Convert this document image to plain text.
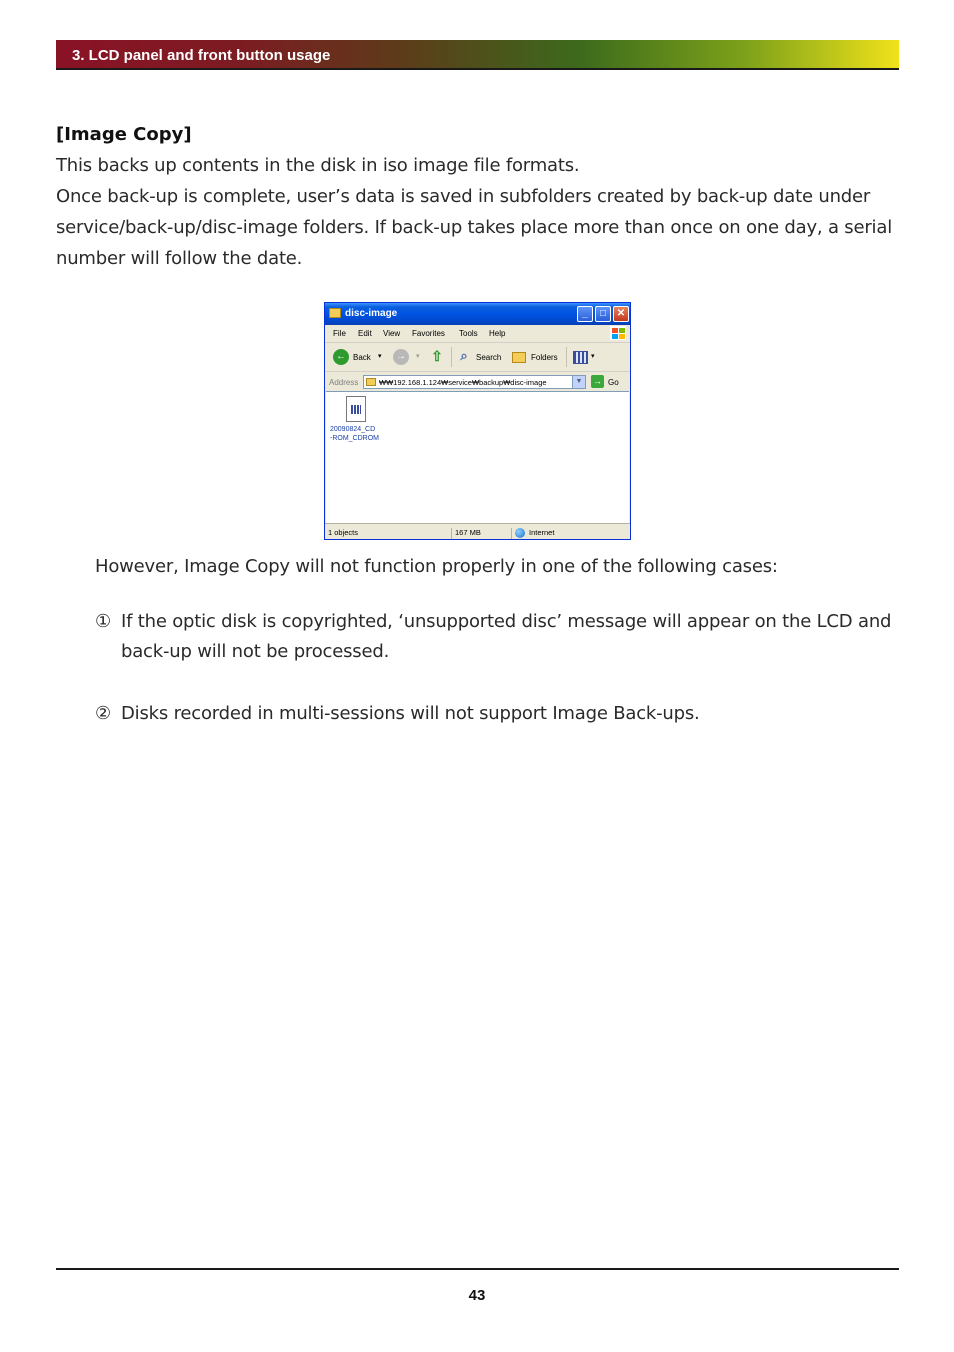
3. LCD panel and front button usage
[Image Copy]

This backs up contents in the disk in iso image file formats.

Once back-up is complete, user’s data is saved in subfolders created by back-up date under service/back-up/disc-image folders. If back-up takes place more than once on one day, a serial number will follow the date.

disc-image	_	□	✕
File Edit View Favorites Tools Help
← Back ▾	→	▾ ⇧	⌕	Search	Folders	▾
Address	₩₩192.168.1.124₩service₩backup₩disc-image	▼ → Go
20090824_CD
-ROM_CDROM
1 objects	167 MB	Internet
However, Image Copy will not function properly in one of the following cases:
① If the optic disk is copyrighted, ‘unsupported disc’ message will appear on the LCD and back-up will not be processed.
② Disks recorded in multi-sessions will not support Image Back-ups.
43
